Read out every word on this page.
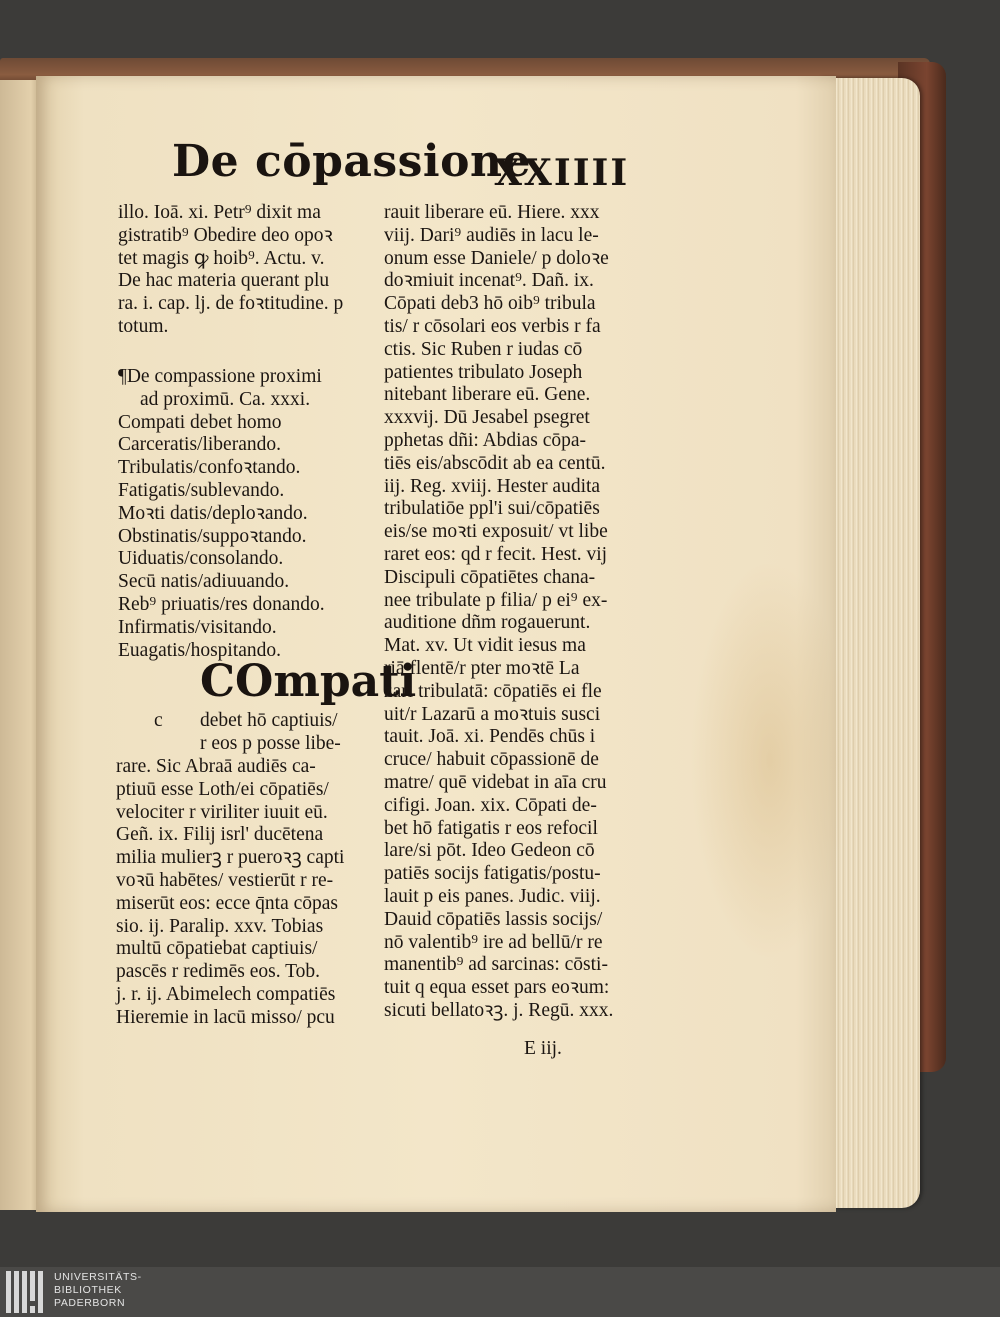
De cōpassione
XXIIII
illo. Ioā. xi. Petr⁹ dixit ma
gistratib⁹ Obedire deo opoꝛ
tet magis ꝙ hoib⁹. Actu. v.
De hac materia querant plu
ra. i. cap. lj. de foꝛtitudine. p
totum.
¶De compassione proximi
ad proximū. Ca. xxxi.
Compati debet homo
Carceratis/liberando.
Tribulatis/confoꝛtando.
Fatigatis/sublevando.
Moꝛti datis/deploꝛando.
Obstinatis/suppoꝛtando.
Uiduatis/consolando.
Secū natis/adiuuando.
Reb⁹ priuatis/res donando.
Infirmatis/visitando.
Euagatis/hospitando.
COmpati
c debet hō captiuis/
r eos p posse libe-
rare. Sic Abraā audiēs ca-
ptiuū esse Loth/ei cōpatiēs/
velociter r viriliter iuuit eū.
Geñ. ix. Filij isrl' ducētena
milia mulierꝫ r pueroꝛꝫ capti
voꝛū habētes/ vestierūt r re-
miserūt eos: ecce q̄nta cōpas
sio. ij. Paralip. xxv. Tobias
multū cōpatiebat captiuis/
pascēs r redimēs eos. Tob.
j. r. ij. Abimelech compatiēs
Hieremie in lacū misso/ pcu
rauit liberare eū. Hiere. xxx
viij. Dari⁹ audiēs in lacu le-
onum esse Daniele/ p doloꝛe
doꝛmiuit incenat⁹. Dañ. ix.
Cōpati deb3 hō oib⁹ tribula
tis/ r cōsolari eos verbis r fa
ctis. Sic Ruben r iudas cō
patientes tribulato Joseph
nitebant liberare eū. Gene.
xxxvij. Dū Jesabel psegret
pphetas dñi: Abdias cōpa-
tiēs eis/abscōdit ab ea centū.
iij. Reg. xviij. Hester audita
tribulatiōe ppl'i sui/cōpatiēs
eis/se moꝛti exposuit/ vt libe
raret eos: qd r fecit. Hest. vij
Discipuli cōpatiētes chana-
nee tribulate p filia/ p ei⁹ ex-
auditione dñm rogauerunt.
Mat. xv. Ut vidit iesus ma
riā flentē/r pter moꝛtē La
zari tribulatā: cōpatiēs ei fle
uit/r Lazarū a moꝛtuis susci
tauit. Joā. xi. Pendēs chūs i
cruce/ habuit cōpassionē de
matre/ quē videbat in aīa cru
cifigi. Joan. xix. Cōpati de-
bet hō fatigatis r eos refocil
lare/si pōt. Ideo Gedeon cō
patiēs socijs fatigatis/postu-
lauit p eis panes. Judic. viij.
Dauid cōpatiēs lassis socijs/
nō valentib⁹ ire ad bellū/r re
manentib⁹ ad sarcinas: cōsti-
tuit q equa esset pars eoꝛum:
sicuti bellatoꝛꝫ. j. Regū. xxx.
E iij.
UNIVERSITÄTS-
BIBLIOTHEK
PADERBORN
